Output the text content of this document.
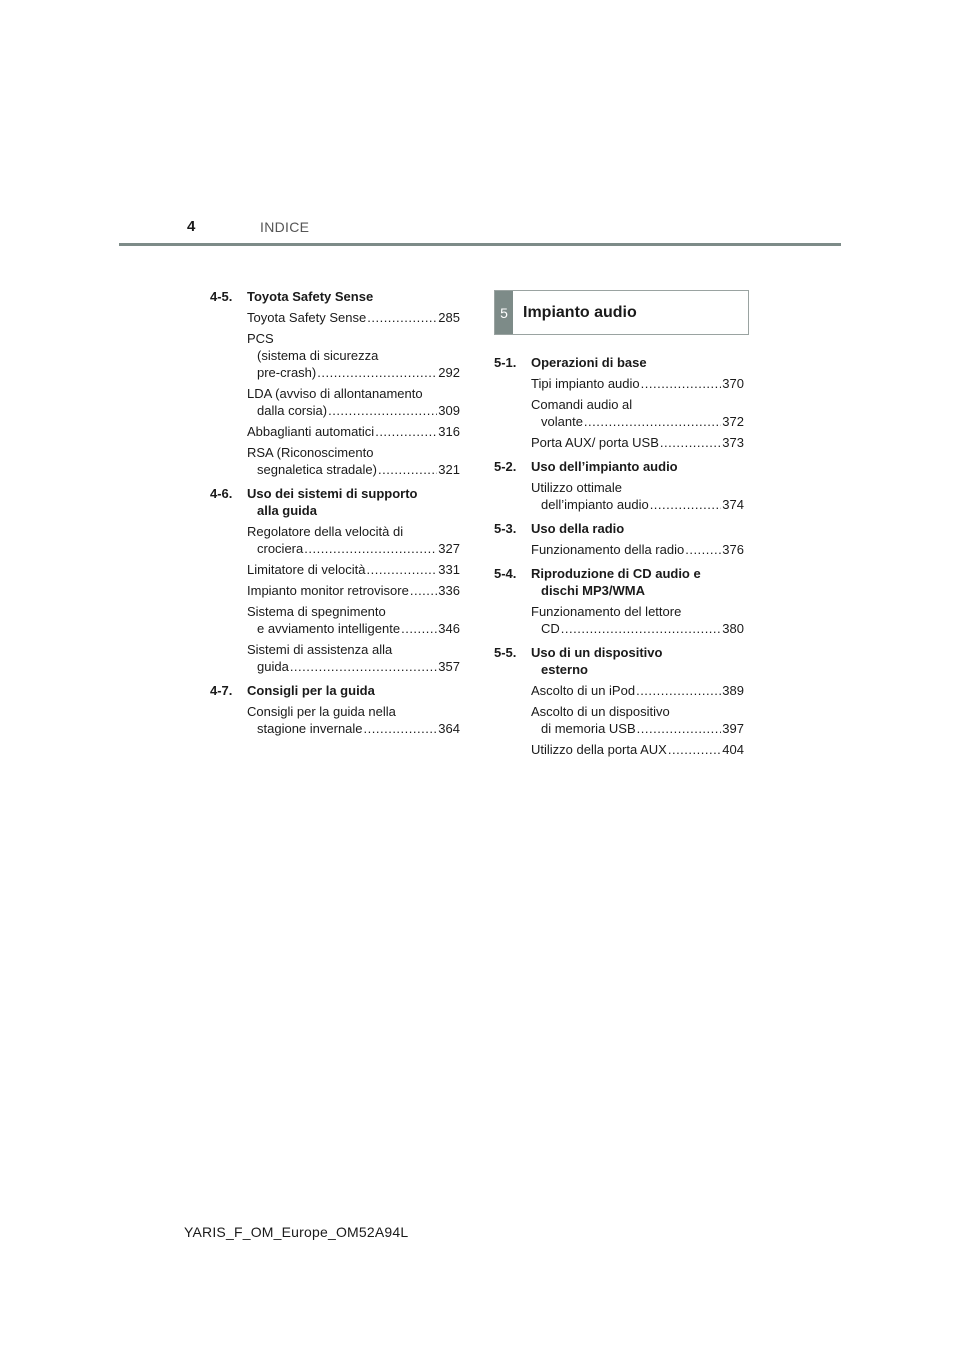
4	INDICE
4-5.	Toyota Safety Sense
Toyota Safety Sense .....	285
PCS
(sistema di sicurezza
pre-crash) .....	292
LDA (avviso di allontanamento
dalla corsia) .....	309
Abbaglianti automatici .....	316
RSA (Riconoscimento
segnaletica stradale) .....	321
4-6.	Uso dei sistemi di supporto
alla guida
Regolatore della velocità di
crociera .....	327
Limitatore di velocità .....	331
Impianto monitor retrovisore ..... 336
Sistema di spegnimento
e avviamento intelligente .....	346
Sistemi di assistenza alla
guida .....	357
4-7.	Consigli per la guida
Consigli per la guida nella
stagione invernale .....	364
5 Impianto audio
5-1.	Operazioni di base
Tipi impianto audio .....	370
Comandi audio al
volante .....	372
Porta AUX/ porta USB .....	373
5-2.	Uso dell’impianto audio
Utilizzo ottimale
dell’impianto audio .....	374
5-3.	Uso della radio
Funzionamento della radio .....	376
5-4.	Riproduzione di CD audio e
dischi MP3/WMA
Funzionamento del lettore
CD .....	380
5-5.	Uso di un dispositivo
esterno
Ascolto di un iPod .....	389
Ascolto di un dispositivo
di memoria USB .....	397
Utilizzo della porta AUX .....	404
YARIS_F_OM_Europe_OM52A94L
